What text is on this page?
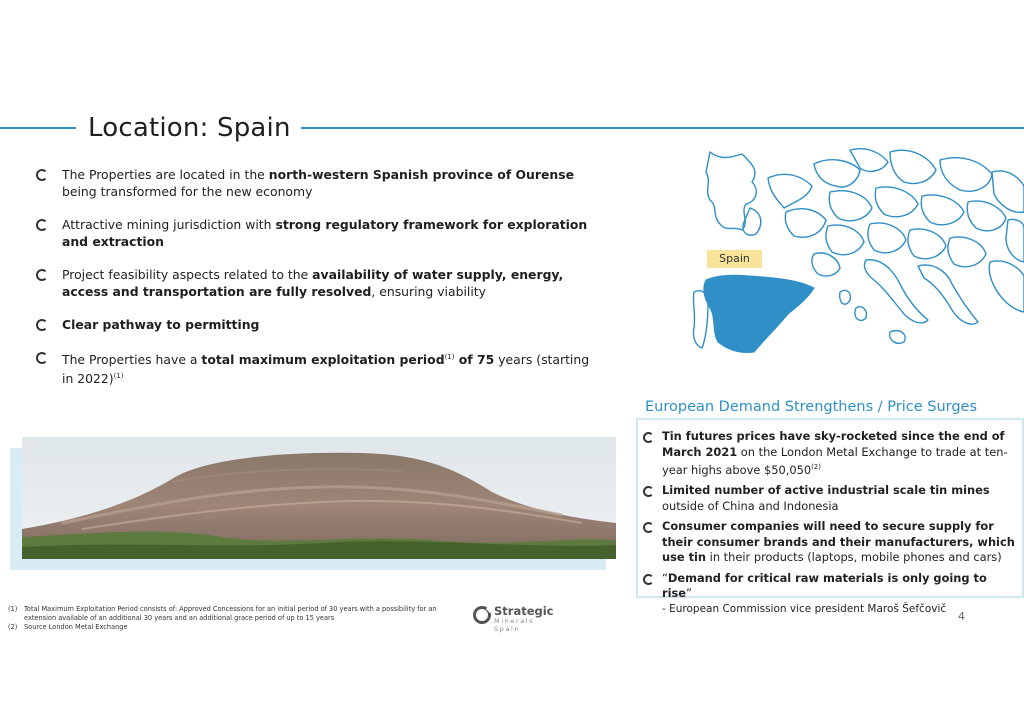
Location: Spain
The Properties are located in the north-western Spanish province of Ourense being transformed for the new economy
Attractive mining jurisdiction with strong regulatory framework for exploration and extraction
Project feasibility aspects related to the availability of water supply, energy, access and transportation are fully resolved, ensuring viability
Clear pathway to permitting
The Properties have a total maximum exploitation period$^{(1)}$ of 75 years (starting in 2022)$^{(1)}$
Spain
European Demand Strengthens / Price Surges
Tin futures prices have sky-rocketed since the end of March 2021 on the London Metal Exchange to trade at ten-year highs above $50,050$^{(2)}$
Limited number of active industrial scale tin mines outside of China and Indonesia
Consumer companies will need to secure supply for their consumer brands and their manufacturers, which use tin in their products (laptops, mobile phones and cars)
“Demand for critical raw materials is only going to rise”
- European Commission vice president Maroš Šefčovič
(1) Total Maximum Exploitation Period consists of: Approved Concessions for an initial period of 30 years with a possibility for an extension available of an additional 30 years and an additional grace period of up to 15 years
(2) Source London Metal Exchange
Strategic
Minerals Spain
4
